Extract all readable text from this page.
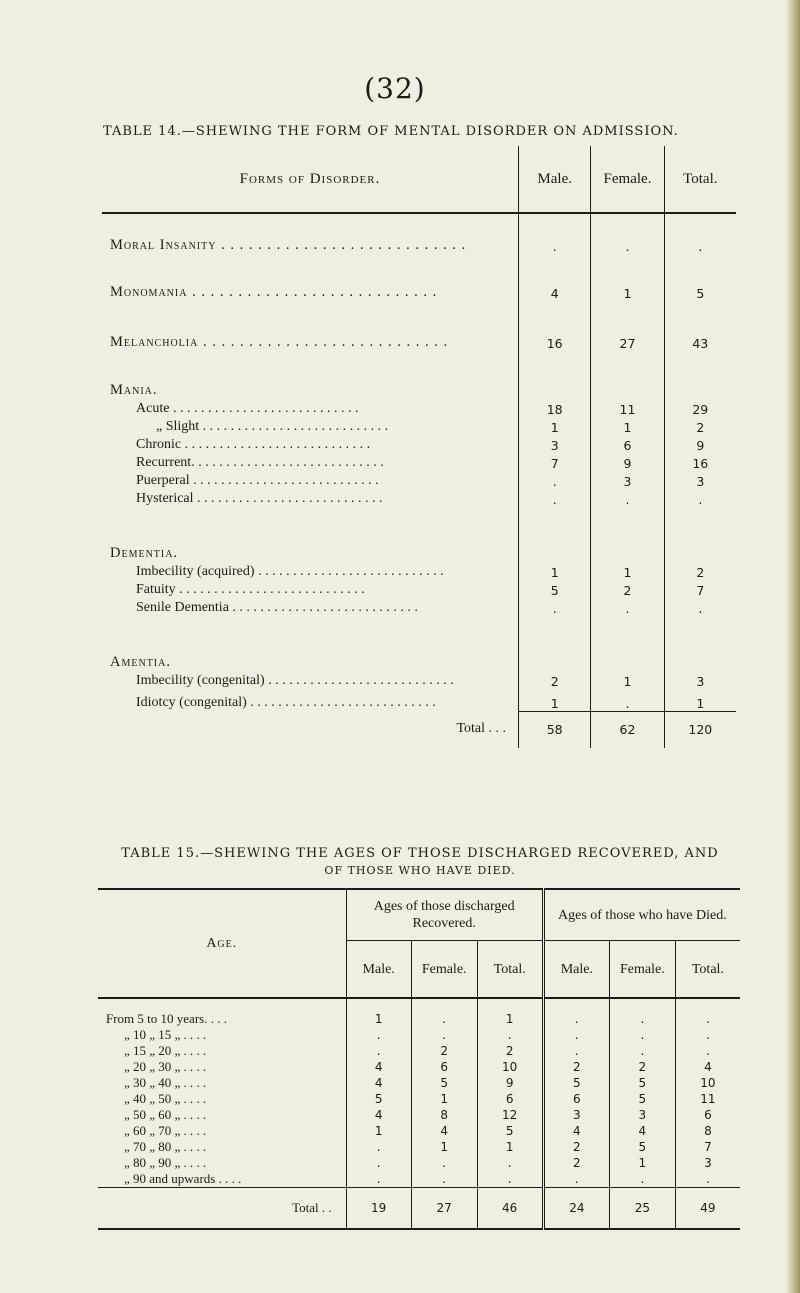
(32)
TABLE 14.—SHEWING THE FORM OF MENTAL DISORDER ON ADMISSION.
Forms of Disorder.	Male.	Female.	Total.
Moral Insanity . . .	.	.	.
Monomania . . .	4	1	5
Melancholia . . .	16	27	43
Mania.			
Acute . . .	18	11	29
„ Slight . . .	1	1	2
Chronic . . .	3	6	9
Recurrent. . . .	7	9	16
Puerperal . . .	.	3	3
Hysterical . . .	.	.	.
Dementia.			
Imbecility (acquired) . . .	1	1	2
Fatuity . . .	5	2	7
Senile Dementia . . .	.	.	.
Amentia.			
Imbecility (congenital) . . .	2	1	3
Idiotcy (congenital) . . .	1	.	1
Total . . .	58	62	120
TABLE 15.—SHEWING THE AGES OF THOSE DISCHARGED RECOVERED, AND
OF THOSE WHO HAVE DIED.
Age.	Ages of those discharged Recovered.			Ages of those who have Died.		
	Male.	Female.	Total.	Male.	Female.	Total.
From 5 to 10 years. . . .	1	.	1	.	.	.
„ 10 „ 15 „ . . . .	.	.	.	.	.	.
„ 15 „ 20 „ . . . .	.	2	2	.	.	.
„ 20 „ 30 „ . . . .	4	6	10	2	2	4
„ 30 „ 40 „ . . . .	4	5	9	5	5	10
„ 40 „ 50 „ . . . .	5	1	6	6	5	11
„ 50 „ 60 „ . . . .	4	8	12	3	3	6
„ 60 „ 70 „ . . . .	1	4	5	4	4	8
„ 70 „ 80 „ . . . .	.	1	1	2	5	7
„ 80 „ 90 „ . . . .	.	.	.	2	1	3
„ 90 and upwards . . . .	.	.	.	.	.	.
Total . .	19	27	46	24	25	49
